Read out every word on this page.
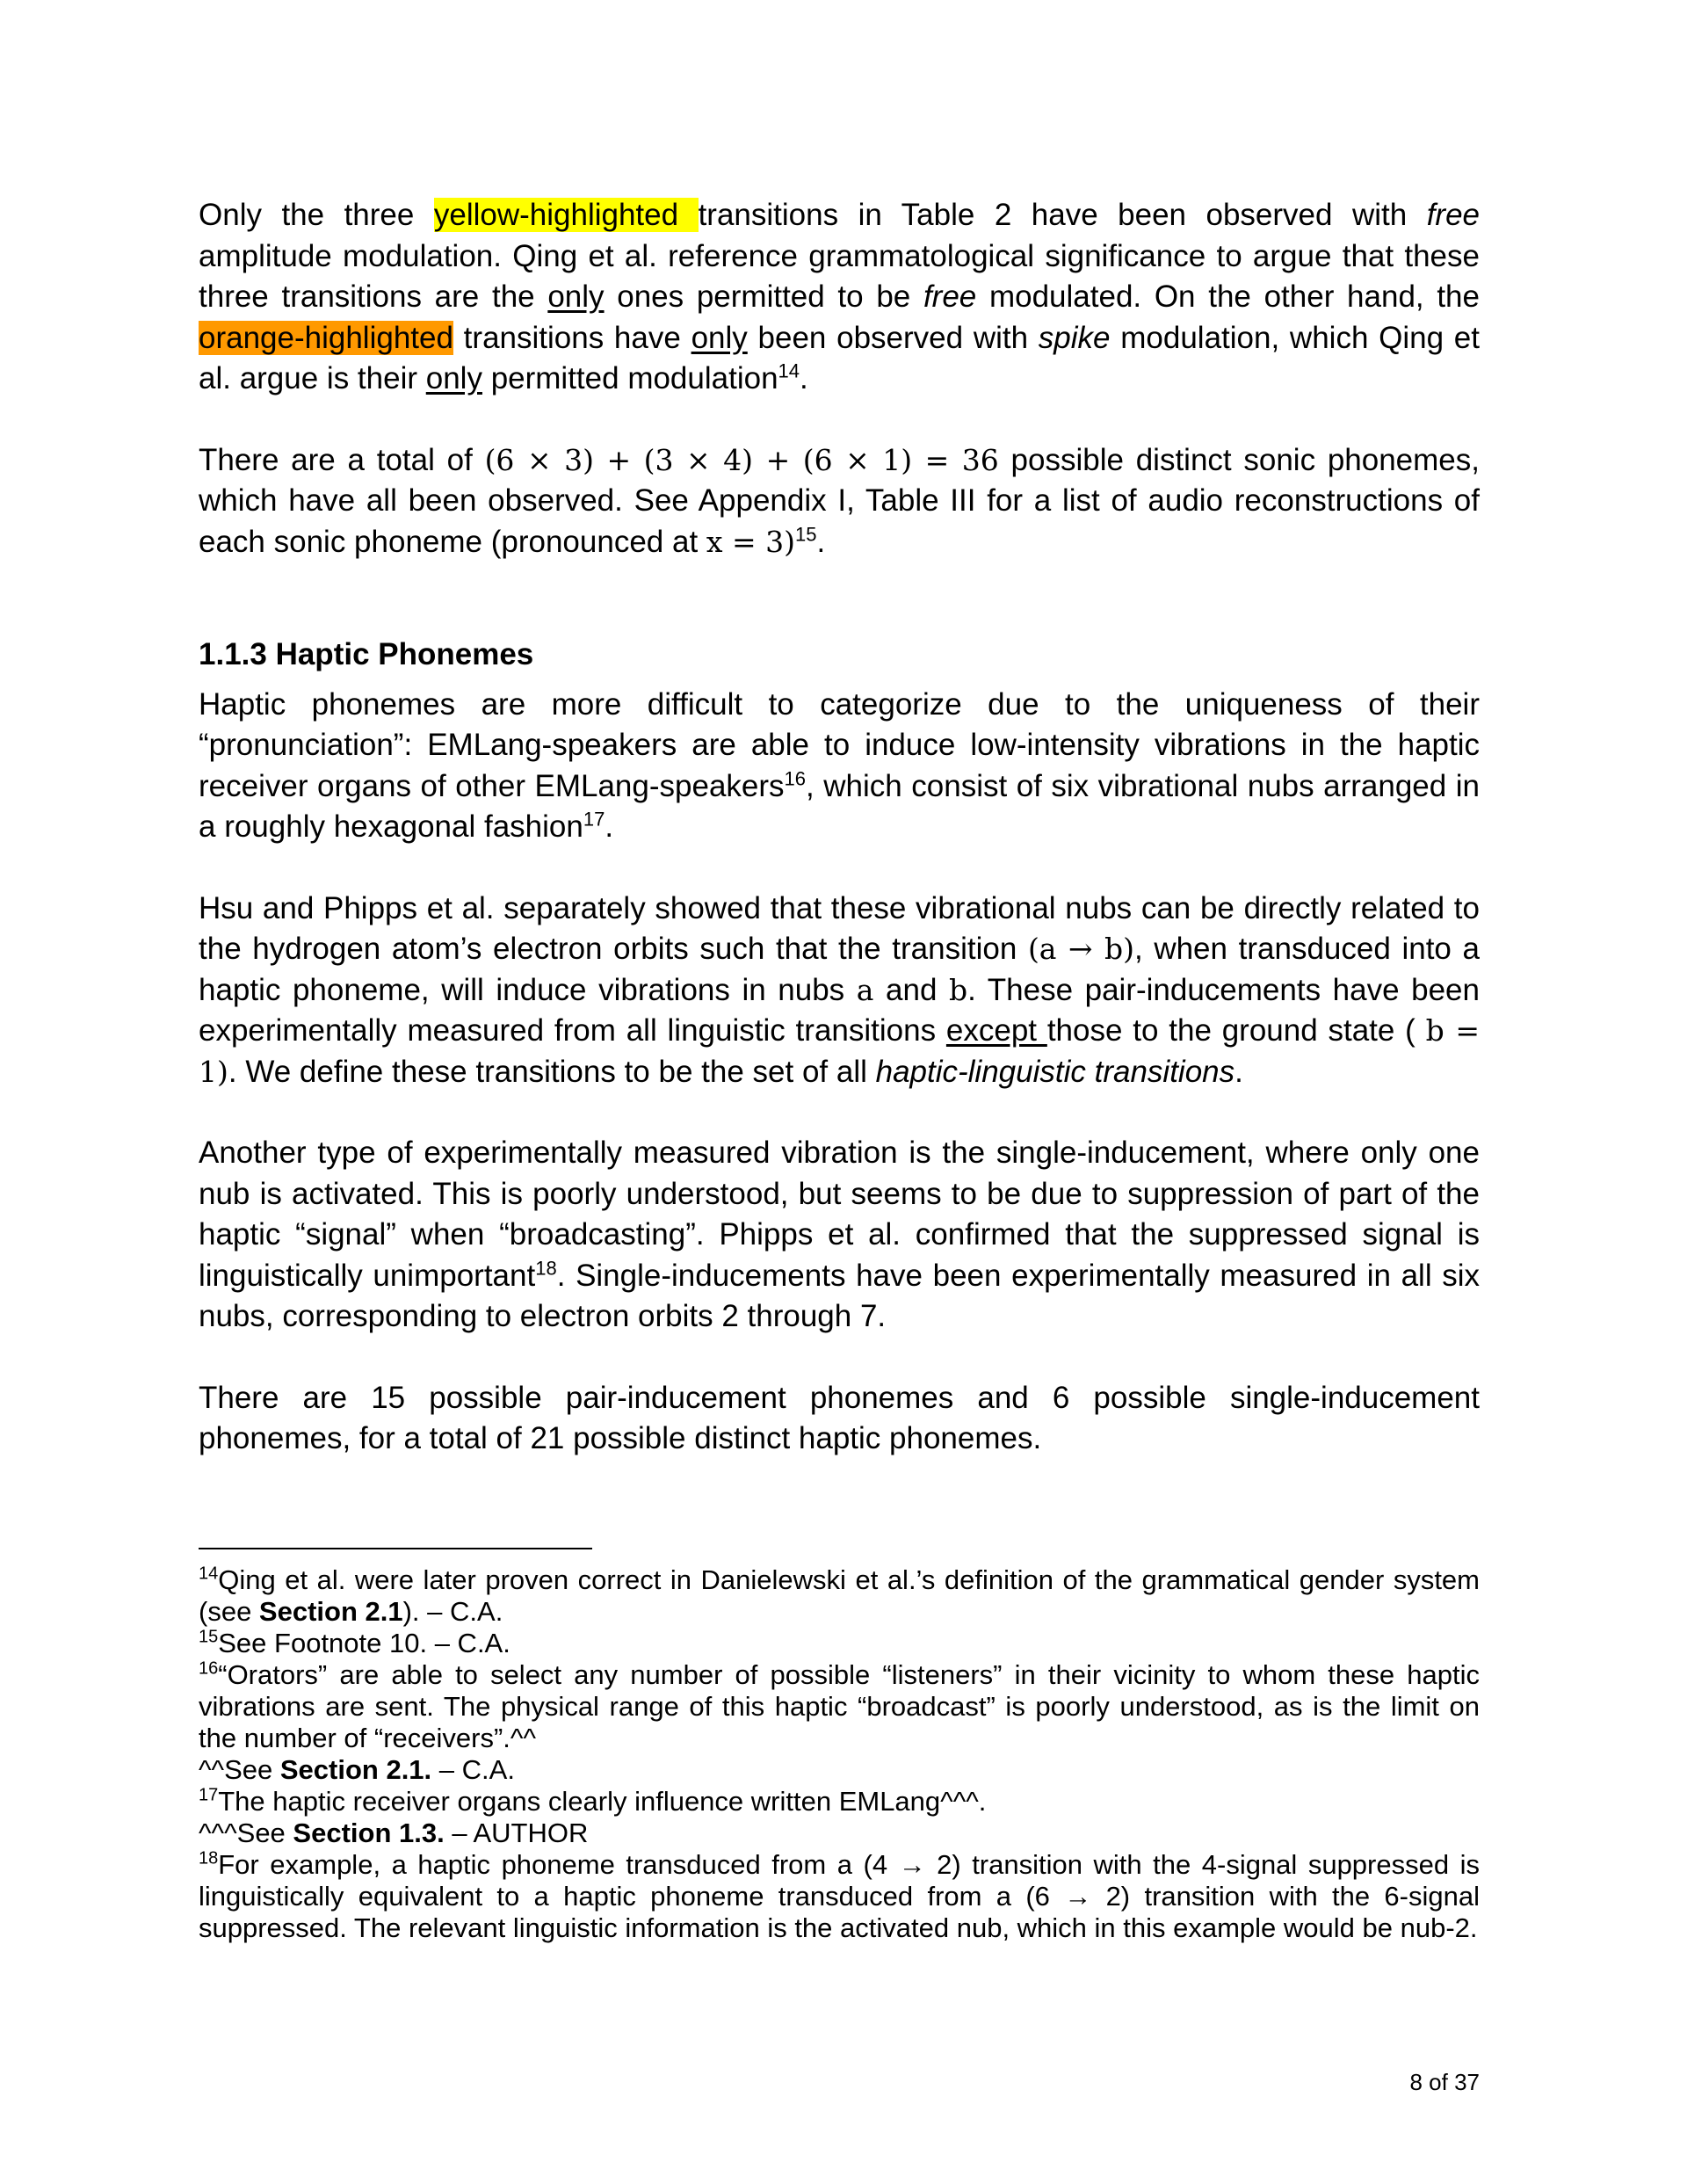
Only the three yellow-highlighted transitions in Table 2 have been observed with free amplitude modulation. Qing et al. reference grammatological significance to argue that these three transitions are the only ones permitted to be free modulated. On the other hand, the orange-highlighted transitions have only been observed with spike modulation, which Qing et al. argue is their only permitted modulation$^{14}$.

There are a total of (6 × 3) + (3 × 4) + (6 × 1) = 36 possible distinct sonic phonemes, which have all been observed. See Appendix I, Table III for a list of audio reconstructions of each sonic phoneme (pronounced at x = 3)$^{15}$.

1.1.3 Haptic Phonemes

Haptic phonemes are more difficult to categorize due to the uniqueness of their “pronunciation”: EMLang-speakers are able to induce low-intensity vibrations in the haptic receiver organs of other EMLang-speakers$^{16}$, which consist of six vibrational nubs arranged in a roughly hexagonal fashion$^{17}$.

Hsu and Phipps et al. separately showed that these vibrational nubs can be directly related to the hydrogen atom’s electron orbits such that the transition (a → b), when transduced into a haptic phoneme, will induce vibrations in nubs a and b. These pair-inducements have been experimentally measured from all linguistic transitions except those to the ground state ( b = 1). We define these transitions to be the set of all haptic-linguistic transitions.

Another type of experimentally measured vibration is the single-inducement, where only one nub is activated. This is poorly understood, but seems to be due to suppression of part of the haptic “signal” when “broadcasting”. Phipps et al. confirmed that the suppressed signal is linguistically unimportant$^{18}$. Single-inducements have been experimentally measured in all six nubs, corresponding to electron orbits 2 through 7.

There are 15 possible pair-inducement phonemes and 6 possible single-inducement phonemes, for a total of 21 possible distinct haptic phonemes.

$^{14}$Qing et al. were later proven correct in Danielewski et al.’s definition of the grammatical gender system (see Section 2.1). – C.A.

$^{15}$See Footnote 10. – C.A.

$^{16}$“Orators” are able to select any number of possible “listeners” in their vicinity to whom these haptic vibrations are sent. The physical range of this haptic “broadcast” is poorly understood, as is the limit on the number of “receivers”.^^

^^See Section 2.1. – C.A.

$^{17}$The haptic receiver organs clearly influence written EMLang^^^.

^^^See Section 1.3. – AUTHOR

$^{18}$For example, a haptic phoneme transduced from a (4 → 2) transition with the 4-signal suppressed is linguistically equivalent to a haptic phoneme transduced from a (6 → 2) transition with the 6-signal suppressed. The relevant linguistic information is the activated nub, which in this example would be nub-2.

8 of 37
